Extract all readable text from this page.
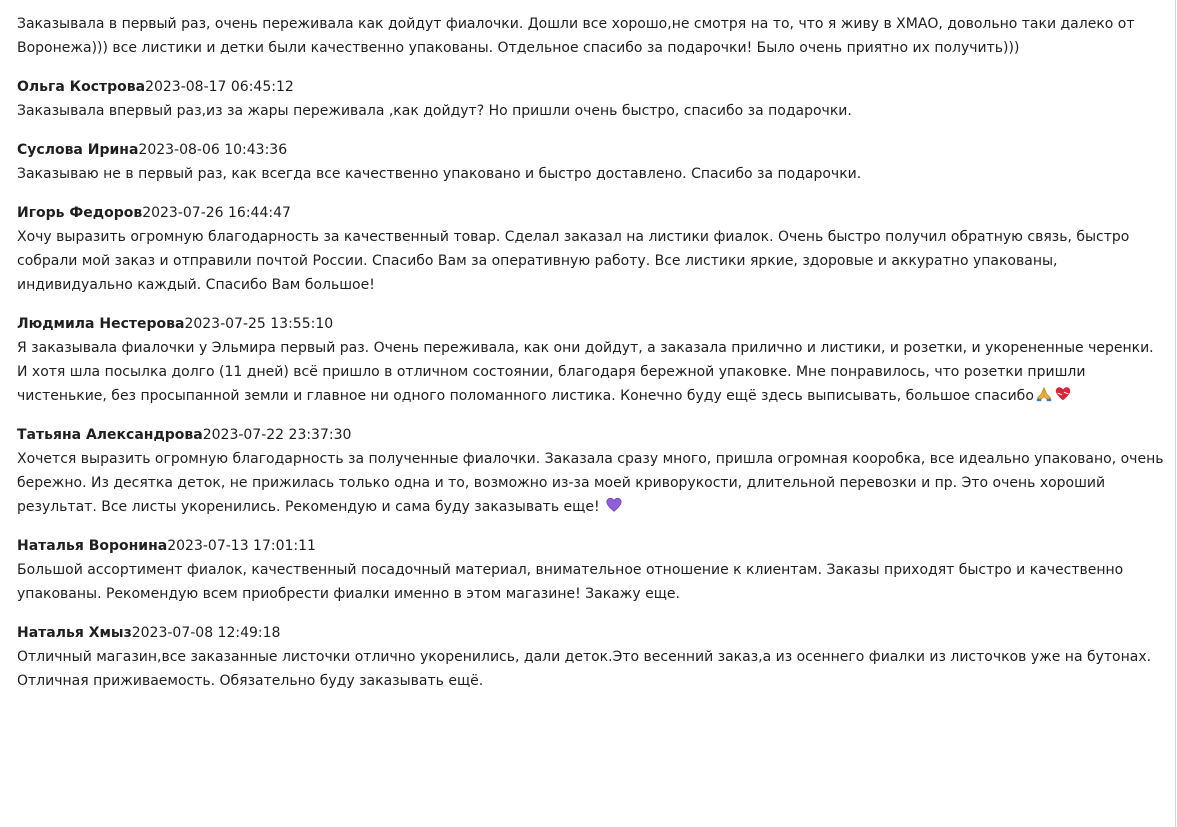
Заказывала в первый раз, очень переживала как дойдут фиалочки. Дошли все хорошо,не смотря на то, что я живу в ХМАО, довольно таки далеко от Воронежа))) все листики и детки были качественно упакованы. Отдельное спасибо за подарочки! Было очень приятно их получить)))

Ольга Кострова2023-08-17 06:45:12

Заказывала впервый раз,из за жары переживала ,как дойдут? Но пришли очень быстро, спасибо за подарочки.

Суслова Ирина2023-08-06 10:43:36

Заказываю не в первый раз, как всегда все качественно упаковано и быстро доставлено. Спасибо за подарочки.

Игорь Федоров2023-07-26 16:44:47

Хочу выразить огромную благодарность за качественный товар. Сделал заказал на листики фиалок. Очень быстро получил обратную связь, быстро собрали мой заказ и отправили почтой России. Спасибо Вам за оперативную работу. Все листики яркие, здоровые и аккуратно упакованы, индивидуально каждый. Спасибо Вам большое!

Людмила Нестерова2023-07-25 13:55:10

Я заказывала фиалочки у Эльмира первый раз. Очень переживала, как они дойдут, а заказала прилично и листики, и розетки, и укорененные черенки. И хотя шла посылка долго (11 дней) всё пришло в отличном состоянии, благодаря бережной упаковке. Мне понравилось, что розетки пришли чистенькие, без просыпанной земли и главное ни одного поломанного листика. Конечно буду ещё здесь выписывать, большое спасибо

Татьяна Александрова2023-07-22 23:37:30

Хочется выразить огромную благодарность за полученные фиалочки. Заказала сразу много, пришла огромная кооробка, все идеально упаковано, очень бережно. Из десятка деток, не прижилась только одна и то, возможно из-за моей криворукости, длительной перевозки и пр. Это очень хороший результат. Все листы укоренились. Рекомендую и сама буду заказывать еще!

Наталья Воронина2023-07-13 17:01:11

Большой ассортимент фиалок, качественный посадочный материал, внимательное отношение к клиентам. Заказы приходят быстро и качественно упакованы. Рекомендую всем приобрести фиалки именно в этом магазине! Закажу еще.

Наталья Хмыз2023-07-08 12:49:18

Отличный магазин,все заказанные листочки отлично укоренились, дали деток.Это весенний заказ,а из осеннего фиалки из листочков уже на бутонах. Отличная приживаемость. Обязательно буду заказывать ещё.
